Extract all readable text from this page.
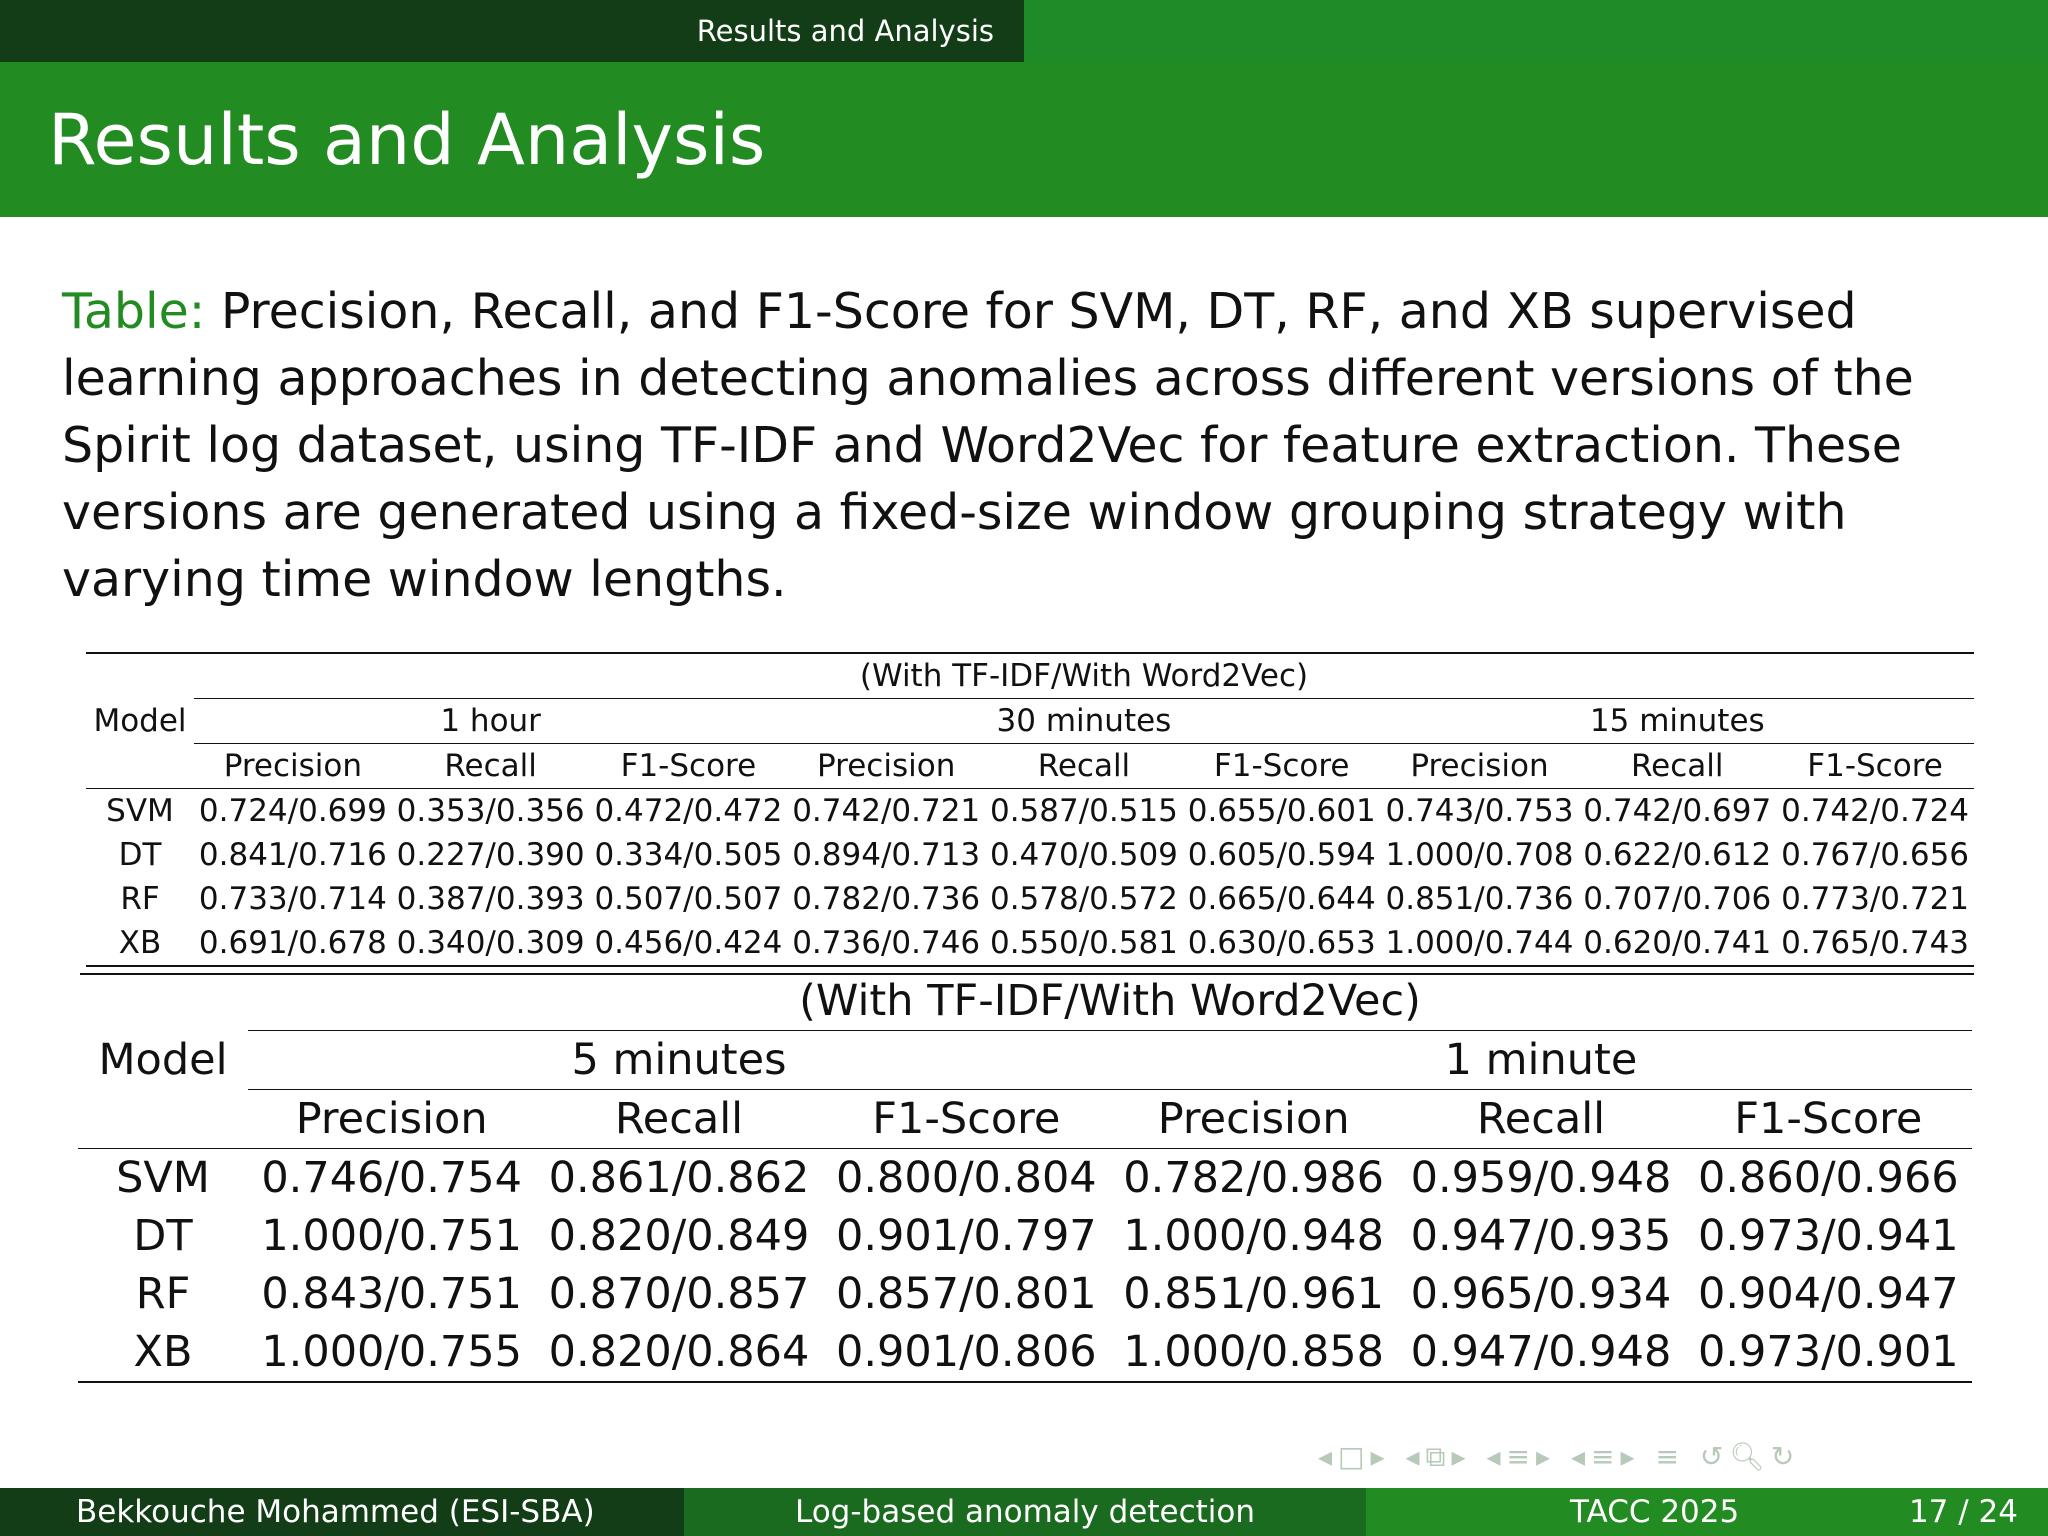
Results and Analysis
Results and Analysis
Table: Precision, Recall, and F1-Score for SVM, DT, RF, and XB supervised learning approaches in detecting anomalies across different versions of the Spirit log dataset, using TF-IDF and Word2Vec for feature extraction. These versions are generated using a fixed-size window grouping strategy with varying time window lengths.
Model	(With TF-IDF/With Word2Vec)								
	1 hour			30 minutes			15 minutes		
	Precision	Recall	F1-Score	Precision	Recall	F1-Score	Precision	Recall	F1-Score
SVM	0.724/0.699	0.353/0.356	0.472/0.472	0.742/0.721	0.587/0.515	0.655/0.601	0.743/0.753	0.742/0.697	0.742/0.724
DT	0.841/0.716	0.227/0.390	0.334/0.505	0.894/0.713	0.470/0.509	0.605/0.594	1.000/0.708	0.622/0.612	0.767/0.656
RF	0.733/0.714	0.387/0.393	0.507/0.507	0.782/0.736	0.578/0.572	0.665/0.644	0.851/0.736	0.707/0.706	0.773/0.721
XB	0.691/0.678	0.340/0.309	0.456/0.424	0.736/0.746	0.550/0.581	0.630/0.653	1.000/0.744	0.620/0.741	0.765/0.743
Model	(With TF-IDF/With Word2Vec)					
	5 minutes			1 minute		
	Precision	Recall	F1-Score	Precision	Recall	F1-Score
SVM	0.746/0.754	0.861/0.862	0.800/0.804	0.782/0.986	0.959/0.948	0.860/0.966
DT	1.000/0.751	0.820/0.849	0.901/0.797	1.000/0.948	0.947/0.935	0.973/0.941
RF	0.843/0.751	0.870/0.857	0.857/0.801	0.851/0.961	0.965/0.934	0.904/0.947
XB	1.000/0.755	0.820/0.864	0.901/0.806	1.000/0.858	0.947/0.948	0.973/0.901
◂□▸ ◂⧉▸ ◂≡▸ ◂≡▸ ≡ ↺🔍︎↻
Bekkouche Mohammed (ESI-SBA)	Log-based anomaly detection	TACC 2025	17 / 24
